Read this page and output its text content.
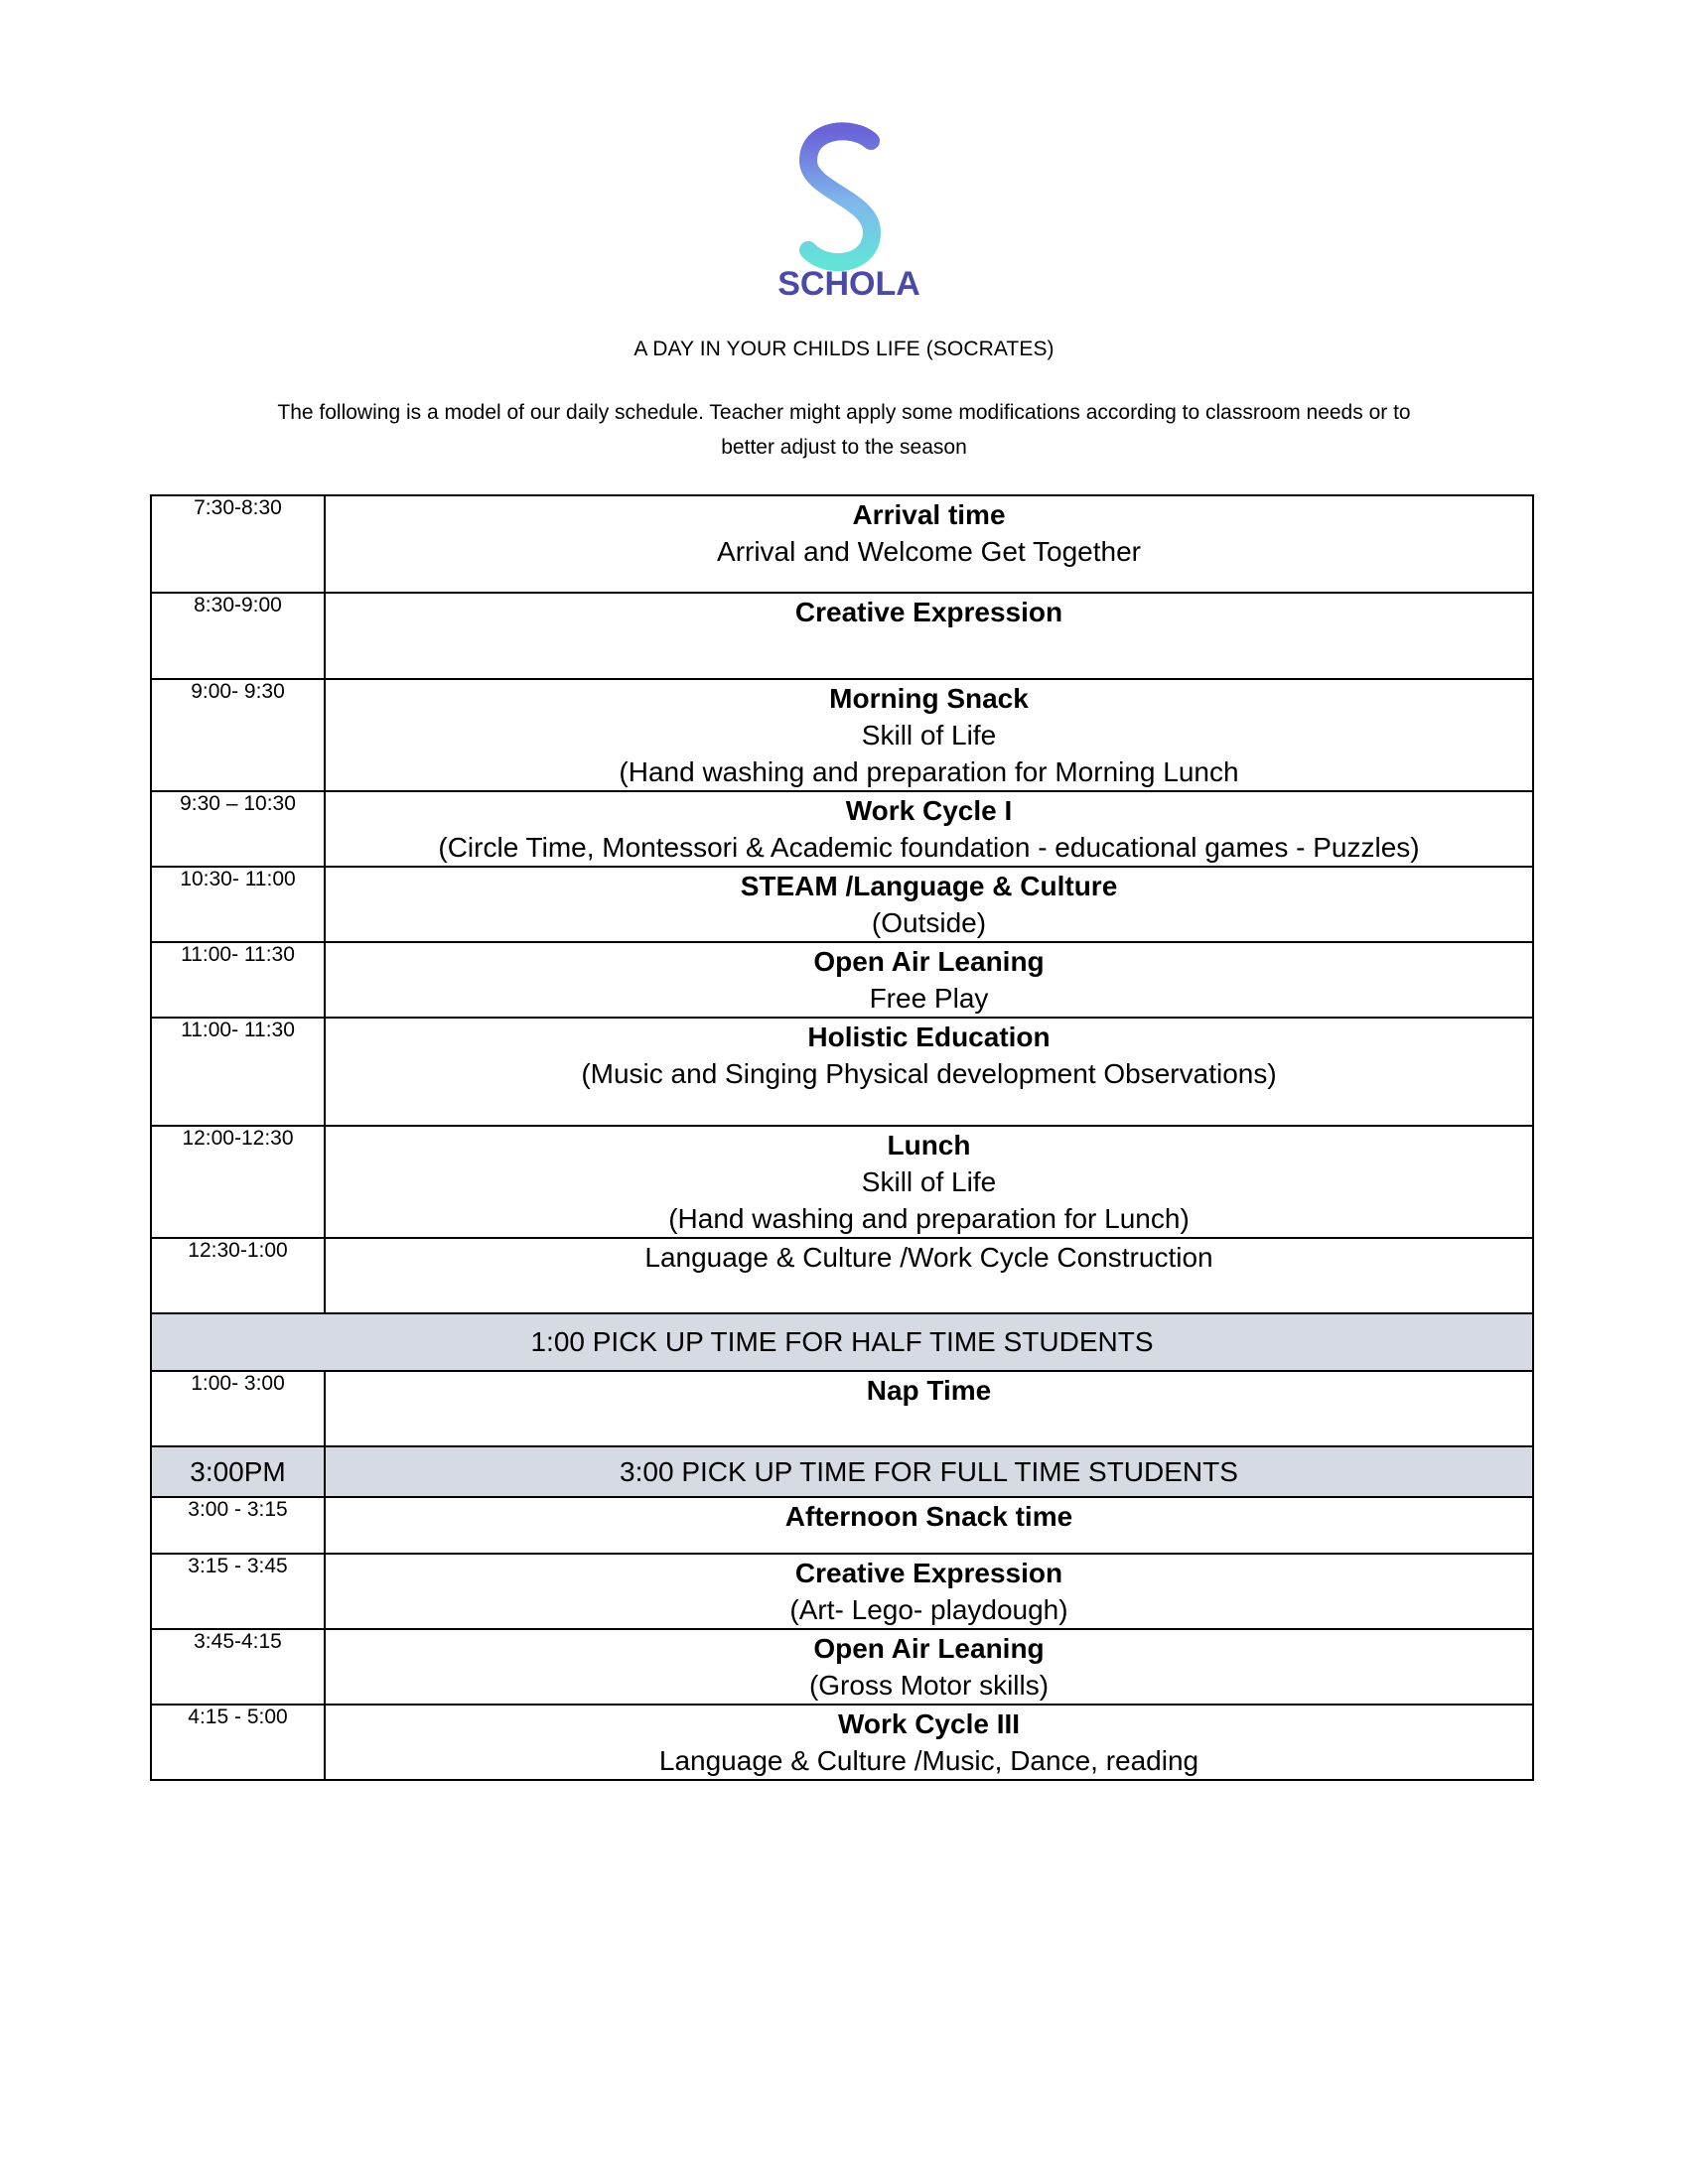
SCHOLA
A DAY IN YOUR CHILDS LIFE (SOCRATES)
The following is a model of our daily schedule. Teacher might apply some modifications according to classroom needs or to
better adjust to the season
7:30-8:30	Arrival time
Arrival and Welcome Get Together

8:30-9:00	Creative Expression

9:00- 9:30	Morning Snack
Skill of Life
(Hand washing and preparation for Morning Lunch

9:30 – 10:30	Work Cycle I
(Circle Time, Montessori & Academic foundation - educational games - Puzzles)

10:30- 11:00	STEAM /Language & Culture
(Outside)

11:00- 11:30	Open Air Leaning
Free Play

11:00- 11:30	Holistic Education
(Music and Singing Physical development Observations)

12:00-12:30	Lunch
Skill of Life
(Hand washing and preparation for Lunch)

12:30-1:00	Language & Culture /Work Cycle Construction

1:00 PICK UP TIME FOR HALF TIME STUDENTS	
1:00- 3:00	Nap Time

3:00PM	3:00 PICK UP TIME FOR FULL TIME STUDENTS
3:00 - 3:15	Afternoon Snack time

3:15 - 3:45	Creative Expression
(Art- Lego- playdough)

3:45-4:15	Open Air Leaning
(Gross Motor skills)

4:15 - 5:00	Work Cycle III
Language & Culture /Music, Dance, reading
